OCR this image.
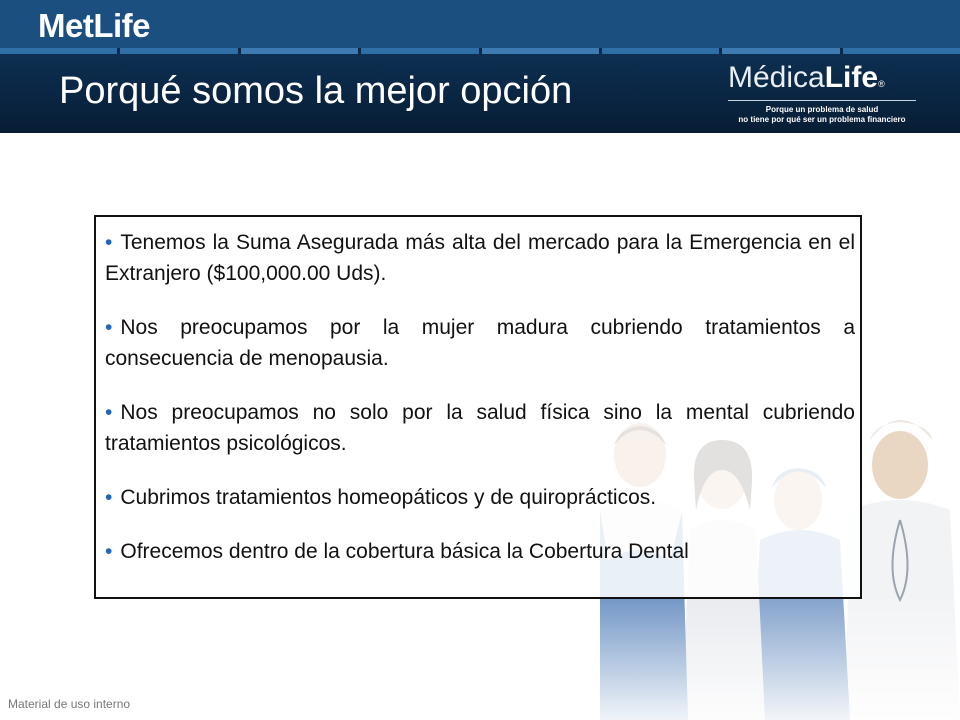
MetLife
Porqué somos la mejor opción	MédicaLife®
Porque un problema de salud
no tiene por qué ser un problema financiero
• Tenemos la Suma Asegurada más alta del mercado para la Emergencia en el Extranjero ($100,000.00 Uds).
• Nos preocupamos por la mujer madura cubriendo tratamientos a consecuencia de menopausia.
• Nos preocupamos no solo por la salud física sino la mental cubriendo tratamientos psicológicos.
• Cubrimos tratamientos homeopáticos y de quiroprácticos.
• Ofrecemos dentro de la cobertura básica la Cobertura Dental
Material de uso interno
